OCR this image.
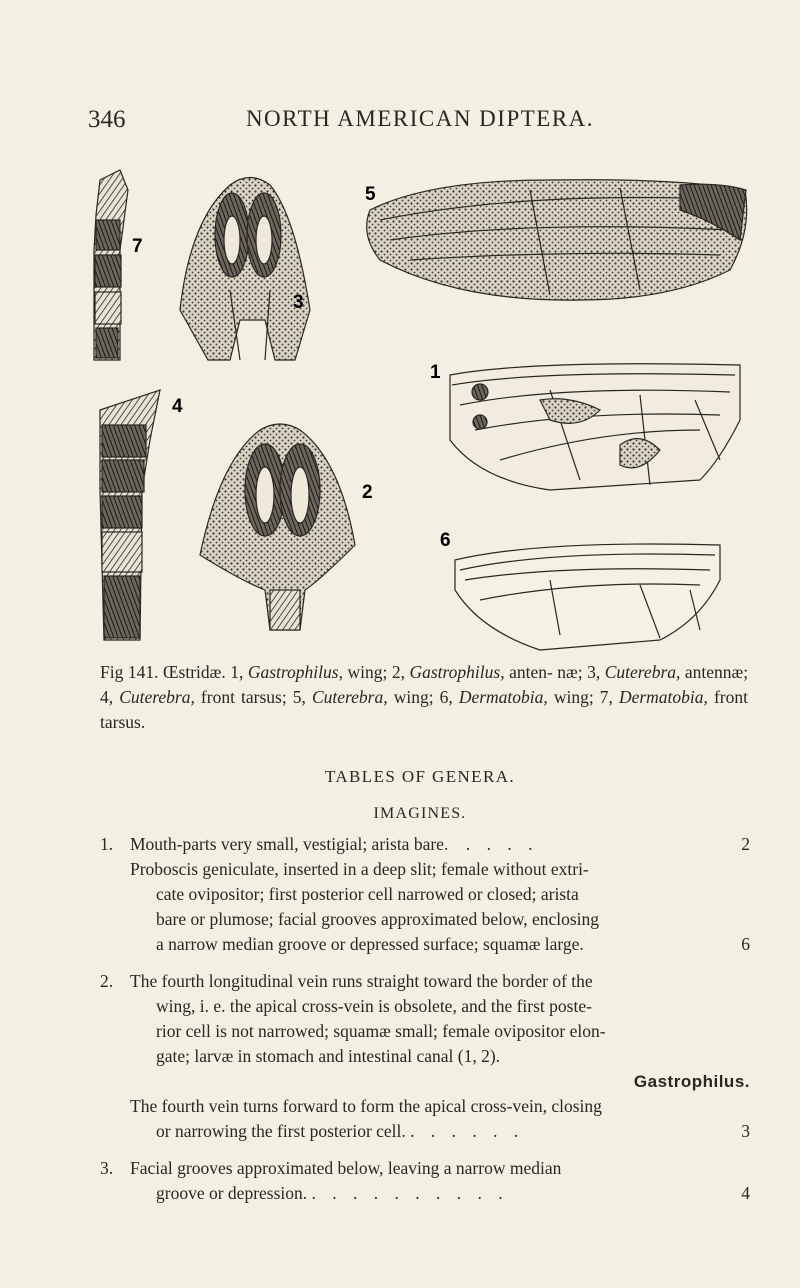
346	NORTH AMERICAN DIPTERA.
7
3
5
1
4
2
6
Fig 141. Œstridæ. 1, Gastrophilus, wing; 2, Gastrophilus, anten- næ; 3, Cuterebra, antennæ; 4, Cuterebra, front tarsus; 5, Cuterebra, wing; 6, Dermatobia, wing; 7, Dermatobia, front tarsus.
TABLES OF GENERA.
IMAGINES.
1. Mouth-parts very small, vestigial; arista bare. . . . .	2
Proboscis geniculate, inserted in a deep slit; female without extri-
cate ovipositor; first posterior cell narrowed or closed; arista
bare or plumose; facial grooves approximated below, enclosing
a narrow median groove or depressed surface; squamæ large.	6
2. The fourth longitudinal vein runs straight toward the border of the
wing, i. e. the apical cross-vein is obsolete, and the first poste-
rior cell is not narrowed; squamæ small; female ovipositor elon-
gate; larvæ in stomach and intestinal canal (1, 2).
Gastrophilus.
The fourth vein turns forward to form the apical cross-vein, closing
or narrowing the first posterior cell. . . . . . .	3
3. Facial grooves approximated below, leaving a narrow median
groove or depression. . . . . . . . . . .	4
